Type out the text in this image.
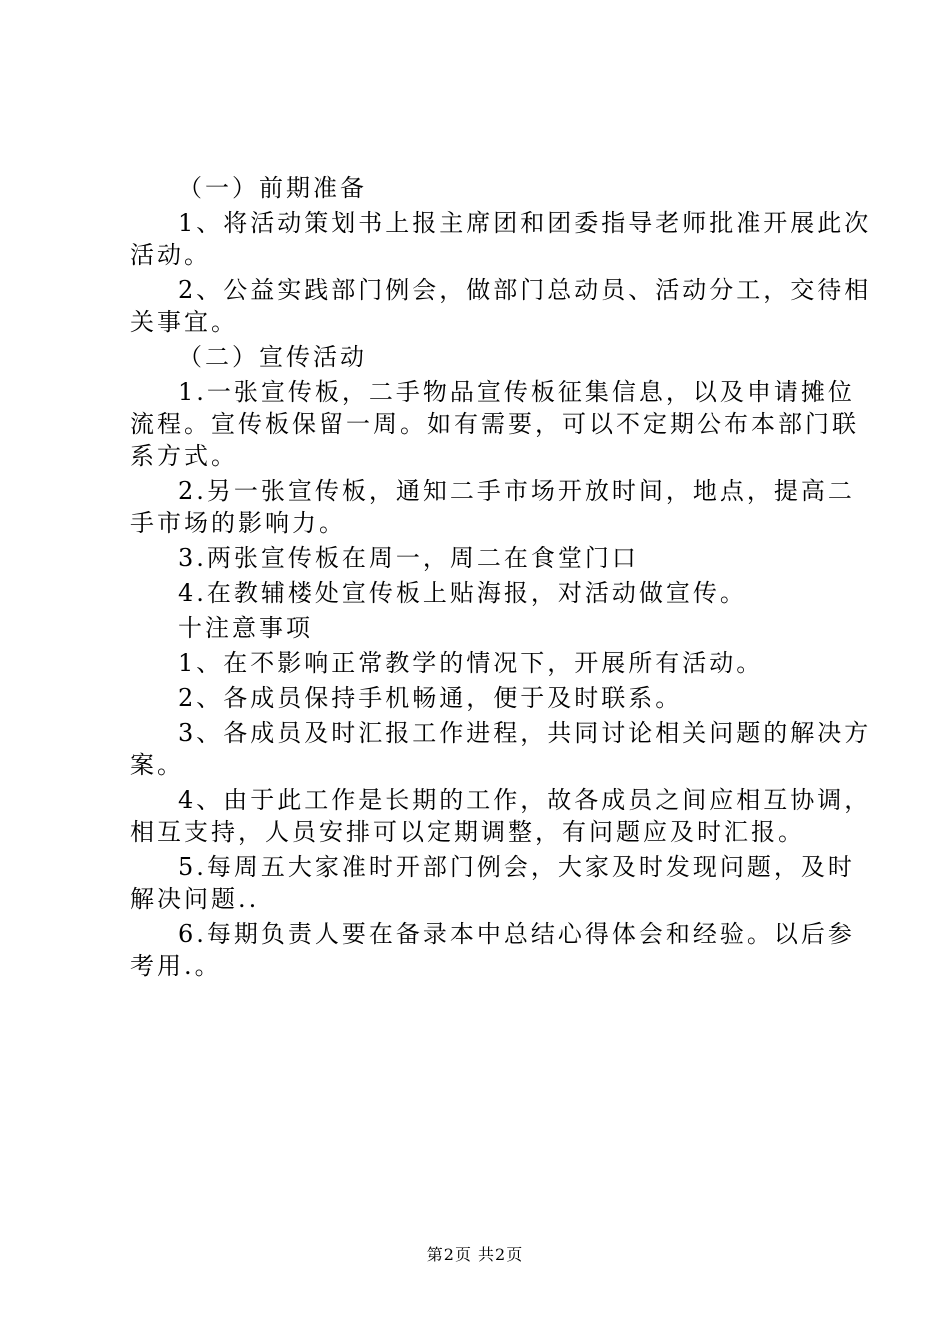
（一）前期准备

1、将活动策划书上报主席团和团委指导老师批准开展此次

活动。

2、公益实践部门例会，做部门总动员、活动分工，交待相

关事宜。

（二）宣传活动

1.一张宣传板，二手物品宣传板征集信息，以及申请摊位

流程。宣传板保留一周。如有需要，可以不定期公布本部门联

系方式。

2.另一张宣传板，通知二手市场开放时间，地点，提高二

手市场的影响力。

3.两张宣传板在周一，周二在食堂门口

4.在教辅楼处宣传板上贴海报，对活动做宣传。

十注意事项

1、在不影响正常教学的情况下，开展所有活动。

2、各成员保持手机畅通，便于及时联系。

3、各成员及时汇报工作进程，共同讨论相关问题的解决方

案。

4、由于此工作是长期的工作，故各成员之间应相互协调，

相互支持，人员安排可以定期调整，有问题应及时汇报。

5.每周五大家准时开部门例会，大家及时发现问题，及时

解决问题..

6.每期负责人要在备录本中总结心得体会和经验。以后参

考用.。

第2页 共2页
